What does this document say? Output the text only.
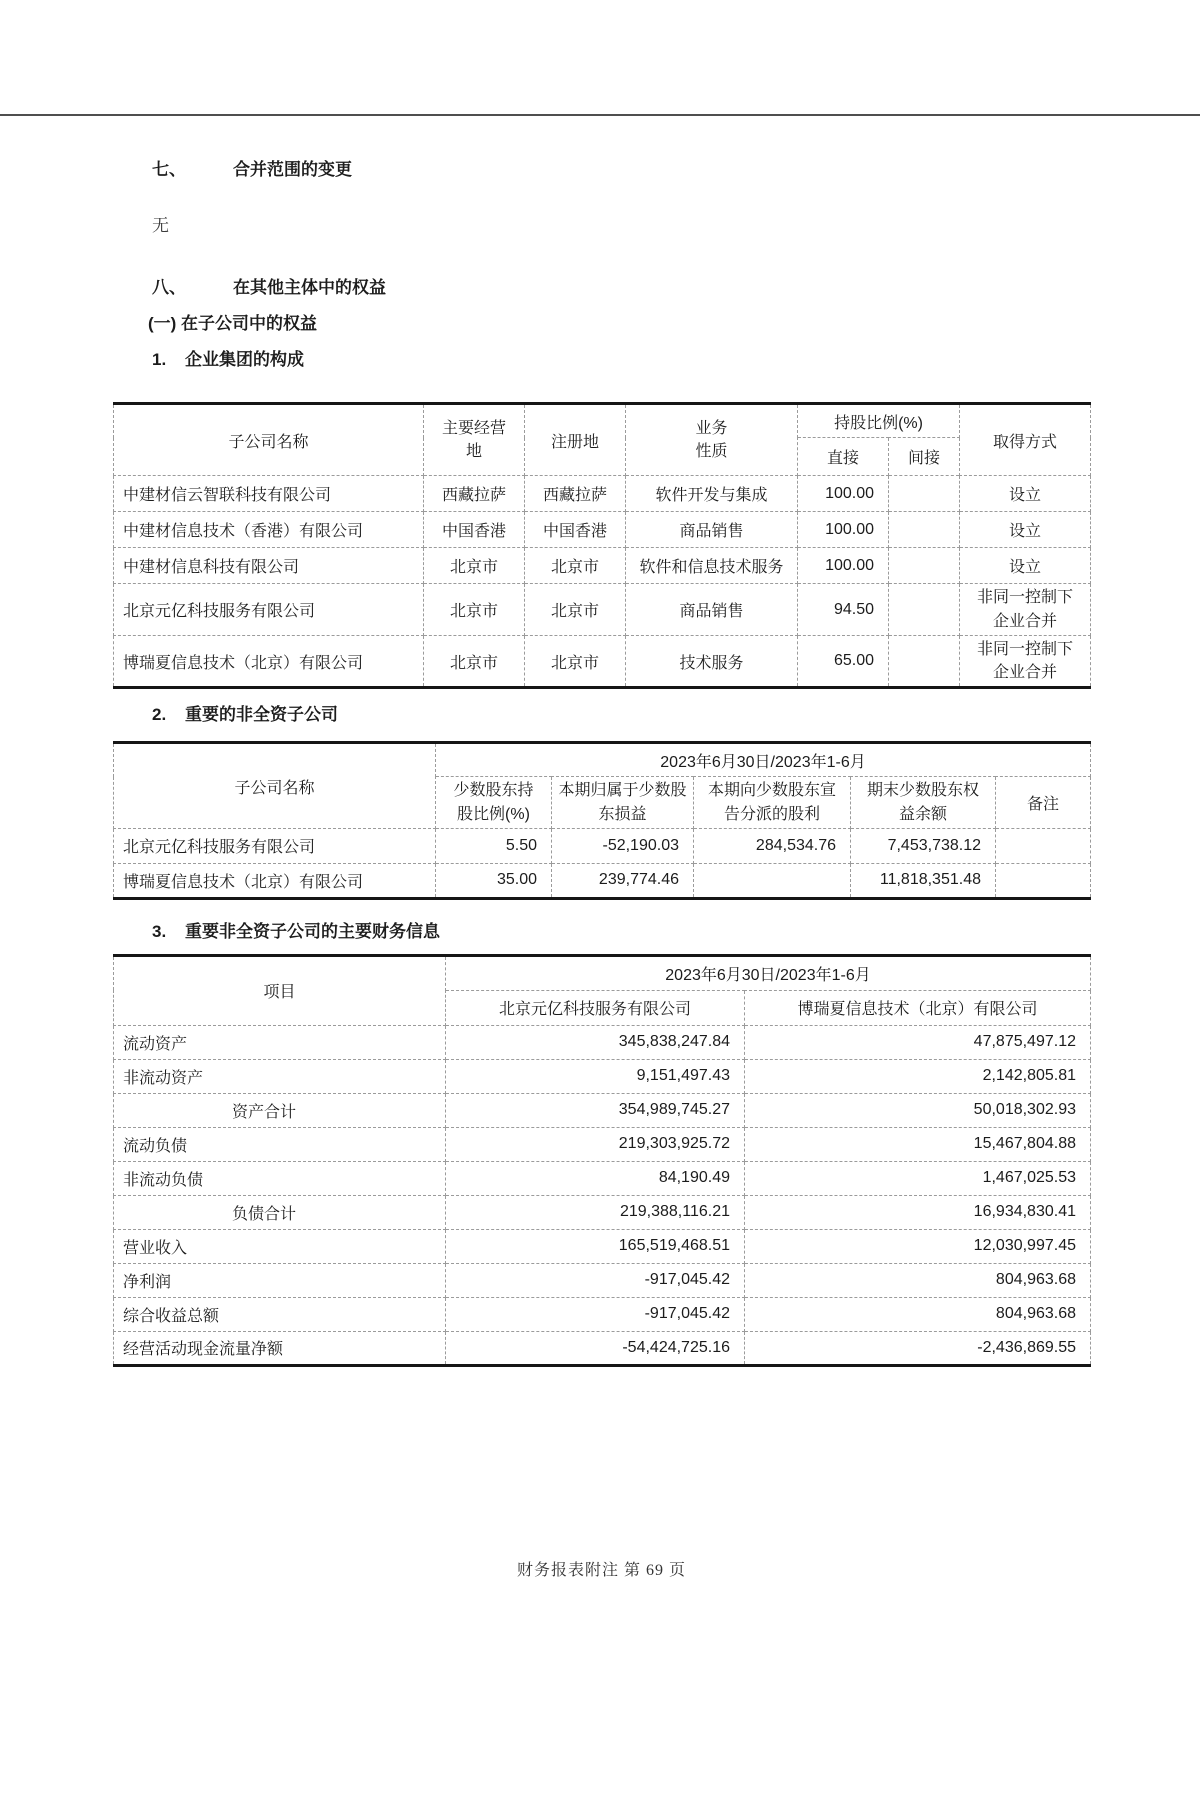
七、	合并范围的变更
无
八、	在其他主体中的权益
(一) 在子公司中的权益
1. 企业集团的构成
子公司名称	主要经营地	注册地	业务性质	持股比例(%)		取得方式
				直接	间接	
中建材信云智联科技有限公司	西藏拉萨	西藏拉萨	软件开发与集成	100.00		设立
中建材信息技术（香港）有限公司	中国香港	中国香港	商品销售	100.00		设立
中建材信息科技有限公司	北京市	北京市	软件和信息技术服务	100.00		设立
北京元亿科技服务有限公司	北京市	北京市	商品销售	94.50		非同一控制下企业合并
博瑞夏信息技术（北京）有限公司	北京市	北京市	技术服务	65.00		非同一控制下企业合并
2. 重要的非全资子公司
子公司名称	2023年6月30日/2023年1-6月				
	少数股东持股比例(%)	本期归属于少数股东损益	本期向少数股东宣告分派的股利	期末少数股东权益余额	备注
北京元亿科技服务有限公司	5.50	-52,190.03	284,534.76	7,453,738.12	
博瑞夏信息技术（北京）有限公司	35.00	239,774.46		11,818,351.48	
3. 重要非全资子公司的主要财务信息
项目	2023年6月30日/2023年1-6月	
	北京元亿科技服务有限公司	博瑞夏信息技术（北京）有限公司
流动资产	345,838,247.84	47,875,497.12
非流动资产	9,151,497.43	2,142,805.81
资产合计	354,989,745.27	50,018,302.93
流动负债	219,303,925.72	15,467,804.88
非流动负债	84,190.49	1,467,025.53
负债合计	219,388,116.21	16,934,830.41
营业收入	165,519,468.51	12,030,997.45
净利润	-917,045.42	804,963.68
综合收益总额	-917,045.42	804,963.68
经营活动现金流量净额	-54,424,725.16	-2,436,869.55
财务报表附注 第 69 页
